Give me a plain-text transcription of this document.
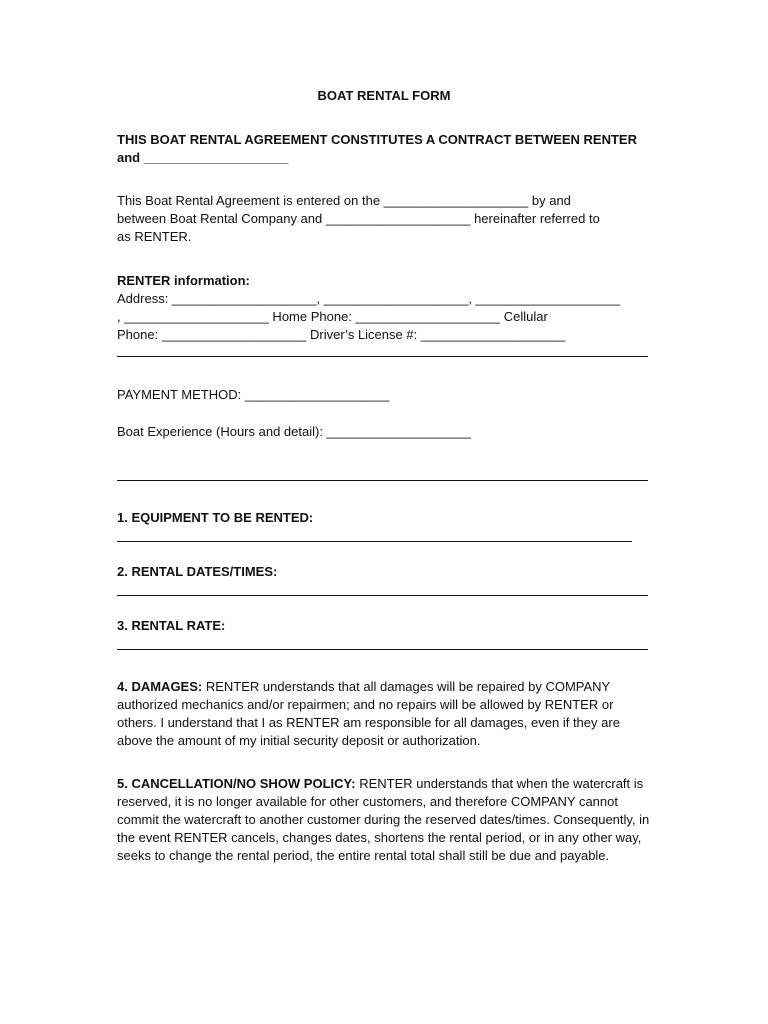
BOAT RENTAL FORM

THIS BOAT RENTAL AGREEMENT CONSTITUTES A CONTRACT BETWEEN RENTER

and ____________________

This Boat Rental Agreement is entered on the ____________________ by and

between Boat Rental Company and ____________________ hereinafter referred to

as RENTER.

RENTER information:

Address: ____________________, ____________________, ____________________

, ____________________ Home Phone: ____________________ Cellular

Phone: ____________________ Driver’s License #: ____________________

PAYMENT METHOD: ____________________
Boat Experience (Hours and detail): ____________________
1. EQUIPMENT TO BE RENTED:
2. RENTAL DATES/TIMES:
3. RENTAL RATE:
4. DAMAGES: RENTER understands that all damages will be repaired by COMPANY authorized mechanics and/or repairmen; and no repairs will be allowed by RENTER or others. I understand that I as RENTER am responsible for all damages, even if they are above the amount of my initial security deposit or authorization.
5. CANCELLATION/NO SHOW POLICY: RENTER understands that when the watercraft is reserved, it is no longer available for other customers, and therefore COMPANY cannot commit the watercraft to another customer during the reserved dates/times. Consequently, in the event RENTER cancels, changes dates, shortens the rental period, or in any other way, seeks to change the rental period, the entire rental total shall still be due and payable.
